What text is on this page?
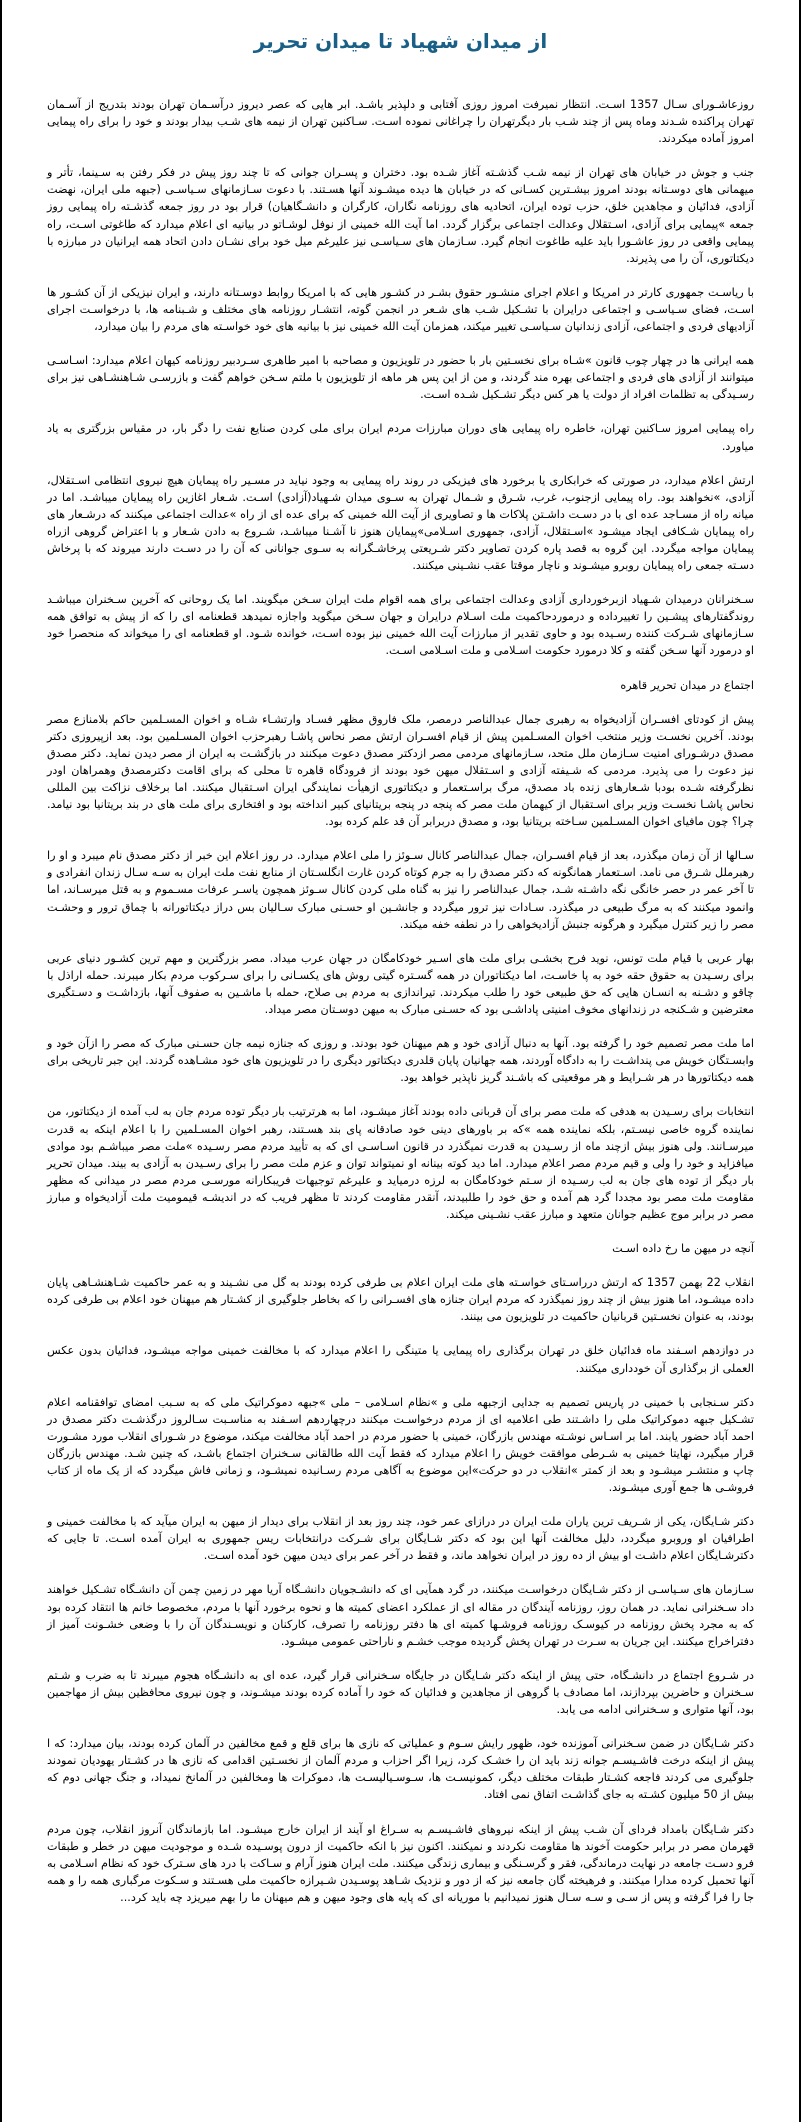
از میدان شهیاد تا میدان تحریر

روزعاشـورای سـال 1357 اسـت. انتظار نمیرفت امروز روزی آفتابی و دلپذیر باشـد. ابر هایی که عصر دیروز درآسـمان تهران بودند بتدریج از آسـمان تهران پراکنده شـدند وماه پس از چند شـب بار دیگرتهران را چراغانی نموده اسـت. سـاکنین تهران از نیمه های شـب بیدار بودند و خود را برای راه پیمایی امروز آماده میکردند.

جنب و جوش در خیابان های تهران از نیمه شـب گذشـته آغاز شـده بود. دختران و پسـران جوانی که تا چند روز پیش در فکر رفتن به سـینما، تأتر و میهمانی های دوسـتانه بودند امروز بیشـترین کسـانی که در خیابان ها دیده میشـوند آنها هسـتند. با دعوت سـازمانهای سـیاسـی (جبهه ملی ایران، نهضت آزادی، فدائیان و مجاهدین خلق، حزب توده ایران، اتحادیه های روزنامه نگاران، کارگران و دانشـگاهیان) قرار بود در روز جمعه گذشـته راه پیمایی روز جمعه »پیمایی برای آزادی، اسـتقلال وعدالت اجتماعی برگزار گردد. اما آیت الله خمینی از نوفل لوشـاتو در بیانیه ای اعلام میدارد که طاغوتی اسـت، راه پیمایی واقعی در روز عاشـورا باید علیه طاغوت انجام گیرد. سـازمان های سـیاسـی نیز علیرغم میل خود برای نشـان دادن اتحاد همه ایرانیان در مبارزه با دیکتاتوری، آن را می پذیرند.

با ریاسـت جمهوری کارتر در امریکا و اعلام اجرای منشـور حقوق بشـر در کشـور هایی که با امریکا روابط دوسـتانه دارند، و ایران نیزیکی از آن کشـور ها اسـت، فضای سـیاسـی و اجتماعی درایران با تشـکیل شـب های شـعر در انجمن گوته، انتشـار روزنامه های مختلف و شـبنامه ها، با درخواسـت اجرای آزادیهای فردی و اجتماعی، آزادی زندانیان سـیاسـی تغییر میکند، همزمان آیت الله خمینی نیز با بیانیه های خود خواسـته های مردم را بیان میدارد،

همه ایرانی ها در چهار چوب قانون »شـاه برای نخسـتین بار با حضور در تلویزیون و مصاحبه با امیر طاهری سـردبیر روزنامه کیهان اعلام میدارد: اسـاسـی میتوانند از آزادی های فردی و اجتماعی بهره مند گردند، و من از این پس هر ماهه از تلویزیون با ملتم سـخن خواهم گفت و بازرسـی شـاهنشـاهی نیز برای رسـیدگی به تظلمات افراد از دولت یا هر کس دیگر تشـکیل شـده اسـت.

راه پیمایی امروز سـاکنین تهران، خاطره راه پیمایی های دوران مبارزات مردم ایران برای ملی کردن صنایع نفت را دگر بار، در مقیاس بزرگتری به یاد میاورد.

ارتش اعلام میدارد، در صورتی که خرابکاری یا برخورد های فیزیکی در روند راه پیمایی به وجود نیاید در مسـیر راه پیمایان هیچ نیروی انتظامی اسـتقلال، آزادی، »نخواهند بود. راه پیمایی ازجنوب، غرب، شـرق و شـمال تهران به سـوی میدان شـهیاد(آزادی) اسـت. شـعار اغازین راه پیمایان میباشـد. اما در میانه راه از مسـاجد عده ای با در دسـت داشـتن پلاکات ها و تصاویری از آیت الله خمینی که برای عده ای از راه »عدالت اجتماعی میکنند که درشـعار های راه پیمایان شـکافی ایجاد میشـود »اسـتقلال، آزادی، جمهوری اسـلامی»پیمایان هنوز نا آشـنا میباشـد، شـروع به دادن شـعار و با اعتراض گروهی ازراه پیمایان مواجه میگردد. این گروه به قصد پاره کردن تصاویر دکتر شـریعتی پرخاشـگرانه به سـوی جوانانی که آن را در دسـت دارند میروند که با پرخاش دسـته جمعی راه پیمایان روبرو میشـوند و ناچار موقتا عقب نشـینی میکنند.

سـخنرانان درمیدان شـهیاد ازبرخورداری آزادی وعدالت اجتماعی برای همه اقوام ملت ایران سـخن میگویند. اما یک روحانی که آخرین سـخنران میباشـد روندگفتارهای پیشـین را تغییرداده و درموردحاکمیت ملت اسـلام درایران و جهان سـخن میگوید واجازه نمیدهد قطعنامه ای را که از پیش به توافق همه سـازمانهای شـرکت کننده رسـیده بود و حاوی تقدیر از مبارزات آیت الله خمینی نیز بوده اسـت، خوانده شـود. او قطعنامه ای را میخواند که منحصرا خود او درمورد آنها سـخن گفته و کلا درمورد حکومت اسـلامی و ملت اسـلامی اسـت.

اجتماع در میدان تحریر قاهره

پیش از کودتای افسـران آزادیخواه به رهبری جمال عبدالناصر درمصر، ملک فاروق مظهر فسـاد وارتشـاء شـاه و اخوان المسـلمین حاکم بلامنازع مصر بودند. آخرین نخسـت وزیر منتخب اخوان المسـلمین پیش از قیام افسـران ارتش مصر نحاس پاشـا رهبرحزب اخوان المسـلمین بود. بعد ازپیروزی دکتر مصدق درشـورای امنیت سـازمان ملل متحد، سـازمانهای مردمی مصر ازدکتر مصدق دعوت میکنند در بازگشـت به ایران از مصر دیدن نماید. دکتر مصدق نیز دعوت را می پذیرد. مردمی که شـیفته آزادی و اسـتقلال میهن خود بودند از فرودگاه قاهره تا محلی که برای اقامت دکترمصدق وهمراهان اودر نظرگرفته شـده بودبا شـعارهای زنده باد مصدق، مرگ براسـتعمار و دیکتاتوری ازهیأت نمایندگی ایران اسـتقبال میکنند. اما برخلاف نزاکت بین المللی نحاس پاشـا نخسـت وزیر برای اسـتقبال از کیهمان ملت مصر که پنجه در پنجه بریتانیای کبیر انداخته بود و افتخاری برای ملت های در بند بریتانیا بود نیامد. چرا؟ چون مافیای اخوان المسـلمین سـاخته بریتانیا بود، و مصدق دربرابر آن قد علم کرده بود.

سـالها از آن زمان میگذرد، بعد از قیام افسـران، جمال عبدالناصر کانال سـوئز را ملی اعلام میدارد. در روز اعلام این خبر از دکتر مصدق نام میبرد و او را رهبرملل شـرق می نامد. اسـتعمار همانگونه که دکتر مصدق را به جرم کوتاه کردن غارت انگلسـتان از منابع نفت ملت ایران به سـه سـال زندان انفرادی و تا آخر عمر در حصر خانگی نگه داشـته شـد، جمال عبدالناصر را نیز به گناه ملی کردن کانال سـوئز همچون یاسـر عرفات مسـموم و به قتل میرسـاند، اما وانمود میکنند که به مرگ طبیعی در میگذرد. سـادات نیز ترور میگردد و جانشـین او حسـنی مبارک سـالیان بس دراز دیکتاتورانه با چماق ترور و وحشـت مصر را زیر کنترل میگیرد و هرگونه جنبش آزادیخواهی را در نطفه خفه میکند.

بهار عربی با قیام ملت تونس، نوید فرح بخشـی برای ملت های اسـیر خودکامگان در جهان عرب میداد. مصر بزرگترین و مهم ترین کشـور دنیای عربی برای رسـیدن به حقوق حقه خود به پا خاسـت، اما دیکتاتوران در همه گسـتره گیتی روش های یکسـانی را برای سـرکوب مردم بکار میبرند. حمله اراذل با چاقو و دشـنه به انسـان هایی که حق طبیعی خود را طلب میکردند. تیراندازی به مردم بی صلاح، حمله با ماشـین به صفوف آنها، بازداشـت و دسـتگیری معترضین و شـکنجه در زندانهای مخوف امنیتی پاداشـی بود که حسـنی مبارک به میهن دوسـتان مصر میداد.

اما ملت مصر تصمیم خود را گرفته بود. آنها به دنبال آزادی خود و هم میهنان خود بودند. و روزی که جنازه نیمه جان حسـنی مبارک که مصر را ازآن خود و وابسـتگان خویش می پنداشـت را به دادگاه آوردند، همه جهانیان پایان قلدری دیکتاتور دیگری را در تلویزیون های خود مشـاهده گردند. این جبر تاریخی برای همه دیکتاتورها در هر شـرایط و هر موقعیتی که باشـند گریز ناپذیر خواهد بود.

انتخابات برای رسـیدن به هدفی که ملت مصر برای آن قربانی داده بودند آغاز میشـود، اما به هرترتیب بار دیگر توده مردم جان به لب آمده از دیکتاتور، من نماینده گروه خاصی نیسـتم، بلکه نماینده همه »که بر باورهای دینی خود صادقانه پای بند هسـتند، رهبر اخوان المسـلمین را با اعلام اینکه به قدرت میرسـانند. ولی هنوز بیش ازچند ماه از رسـیدن به قدرت نمیگذرد در قانون اسـاسـی ای که به تأیید مردم مصر رسـیده »ملت مصر میباشـم بود موادی میافزاید و خود را ولی و قیم مردم مصر اعلام میدارد. اما دید کوته بینانه او نمیتواند توان و عزم ملت مصر را برای رسـیدن به آزادی به بیند. میدان تحریر بار دیگر از توده های جان به لب رسـیده از سـتم خودکامگان به لرزه درمیاید و علیرغم توجیهات فریبکارانه مورسـی مردم مصر در میدانی که مظهر مقاومت ملت مصر بود مجددا گرد هم آمده و حق خود را طلبیدند، آنقدر مقاومت کردند تا مظهر فریب که در اندیشـه قیمومیت ملت آزادیخواه و مبارز مصر در برابر موج عظیم جوانان متعهد و مبارز عقب نشـینی میکند.

آنچه در میهن ما رخ داده اسـت

انقلاب 22 بهمن 1357 که ارتش درراسـتای خواسـته های ملت ایران اعلام بی طرفی کرده بودند به گل می نشـیند و به عمر حاکمیت شـاهنشـاهی پایان داده میشـود، اما هنوز بیش از چند روز نمیگذرد که مردم ایران جنازه های افسـرانی را که بخاطر جلوگیری از کشـتار هم میهنان خود اعلام بی طرفی کرده بودند، به عنوان نخسـتین قربانیان حاکمیت در تلویزیون می بینند.

در دوازدهم اسـفند ماه فدائیان خلق در تهران برگذاری راه پیمایی یا متینگی را اعلام میدارد که با مخالفت خمینی مواجه میشـود، فدائیان بدون عکس العملی از برگذاری آن خودداری میکنند.

دکتر سـنجابی با خمینی در پاریس تصمیم به جدایی ازجبهه ملی و »نظام اسـلامی – ملی »جبهه دموکراتیک ملی که به سـبب امضای توافقنامه اعلام تشـکیل جبهه دموکراتیک ملی را داشـتند طی اعلامیه ای از مردم درخواسـت میکنند درچهاردهم اسـفند به مناسـبت سـالروز درگذشـت دکتر مصدق در احمد آباد حضور یابند. اما بر اسـاس نوشـته مهندس بازرگان، خمینی با حضور مردم در احمد آباد مخالفت میکند، موضوع در شـورای انقلاب مورد مشـورت قرار میگیرد، نهایتا خمینی به شـرطی موافقت خویش را اعلام میدارد که فقط آیت الله طالقانی سـخنران اجتماع باشـد، که چنین شـد. مهندس بازرگان چاپ و منتشـر میشـود و بعد از کمتر »انقلاب در دو حرکت»این موضوع به آگاهی مردم رسـانیده نمیشـود، و زمانی فاش میگردد که از یک ماه از کتاب فروشـی ها جمع آوری میشـوند.

دکتر شـایگان، یکی از شـریف ترین یاران ملت ایران در درازای عمر خود، چند روز بعد از انقلاب برای دیدار از میهن به ایران میآید که با مخالفت خمینی و اطرافیان او وروبرو میگردد، دلیل مخالفت آنها این بود که دکتر شـایگان برای شـرکت درانتخابات ریس جمهوری به ایران آمده اسـت. تا جایی که دکترشـایگان اعلام داشـت او بیش از ده روز در ایران نخواهد ماند، و فقط در آخر عمر برای دیدن میهن خود آمده اسـت.

سـازمان های سـیاسـی از دکتر شـایگان درخواسـت میکنند، در گرد همآیی ای که دانشـجویان دانشـگاه آریا مهر در زمین چمن آن دانشـگاه تشـکیل خواهند داد سـخنرانی نماید. در همان روز، روزنامه آیندگان در مقاله ای از عملکرد اعضای کمیته ها و نحوه برخورد آنها با مردم، مخصوصا خانم ها انتقاد کرده بود که به مجرد پخش روزنامه در کیوسـک روزنامه فروشـها کمیته ای ها دفتر روزنامه را تصرف، کارکنان و نویسـندگان آن را با وضعی خشـونت آمیز از دفتراخراج میکنند. این جریان به سـرت در تهران پخش گردیده موجب خشـم و ناراحتی عمومی میشـود.

در شـروع اجتماع در دانشـگاه، حتی پیش از اینکه دکتر شـایگان در جایگاه سـخنرانی قرار گیرد، عده ای به دانشـگاه هجوم میبرند تا به ضرب و شـتم سـخنران و حاضرین بپردازند، اما مصادف با گروهی از مجاهدین و فدائیان که خود را آماده کرده بودند میشـوند، و چون نیروی محافظین بیش از مهاجمین بود، آنها متواری و سـخنرانی ادامه می یابد.

دکتر شـایگان در ضمن سـخنرانی آموزنده خود، ظهور رایش سـوم و عملیاتی که نازی ها برای قلع و قمع مخالفین در آلمان کرده بودند، بیان میدارد: که ا پیش از اینکه درخت فاشـیسـم جوانه زند باید ان را خشـک کرد، زیرا اگر احزاب و مردم آلمان از نخسـتین اقدامی که نازی ها در کشـتار یهودیان نمودند جلوگیری می کردند فاجعه کشـتار طبقات مختلف دیگر، کمونیسـت ها، سـوسـیالیسـت ها، دموکرات ها ومخالفین در آلمانخ نمیداد، و جنگ جهانی دوم که بیش از 50 میلیون کشـته به جای گذاشـت اتفاق نمی افتاد.

دکتر شـایگان بامداد فردای آن شـب پیش از اینکه نیروهای فاشـیسـم به سـراغ او آیند از ایران خارج میشـود. اما بازماندگان آنروز انقلاب، چون مردم قهرمان مصر در برابر حکومت آخوند ها مقاومت نکردند و نمیکنند. اکنون نیز با انکه حاکمیت از درون پوسـیده شـده و موجودیت میهن در خطر و طبقات فرو دسـت جامعه در نهایت درماندگی، فقر و گرسـنگی و بیماری زندگی میکنند. ملت ایران هنوز آرام و سـاکت با درد های سـترک خود که نظام اسـلامی به آنها تحمیل کرده مدارا میکنند. و فرهیخته گان جامعه نیز که از دور و نزدیک شـاهد پوسـیدن شـیرازه حاکمیت ملی هسـتند و سـکوت مرگباری همه را و همه جا را فرا گرفته و پس از سـی و سـه سـال هنوز نمیدانیم با موریانه ای که پایه های وجود میهن و هم میهنان ما را بهم میریزد چه باید کرد...
